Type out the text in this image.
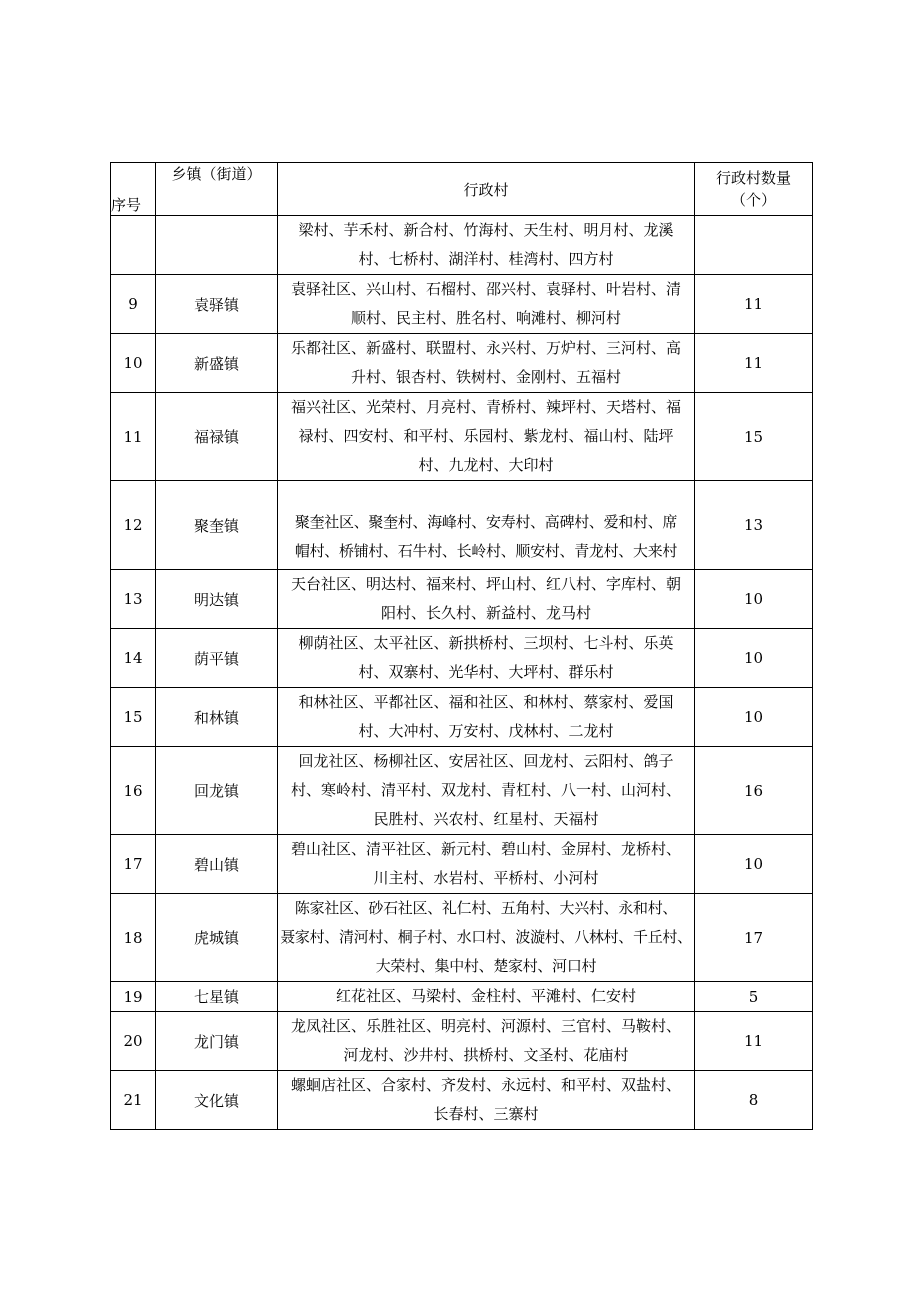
序号	乡镇（街道）	行政村	行政村数量
（个）

		梁村、芋禾村、新合村、竹海村、天生村、明月村、龙溪
村、七桥村、湖洋村、桂湾村、四方村	
9	袁驿镇	袁驿社区、兴山村、石榴村、邵兴村、袁驿村、叶岩村、清
顺村、民主村、胜名村、响滩村、柳河村	11
10	新盛镇	乐都社区、新盛村、联盟村、永兴村、万炉村、三河村、高
升村、银杏村、铁树村、金刚村、五福村	11
11	福禄镇	福兴社区、光荣村、月亮村、青桥村、辣坪村、天塔村、福
禄村、四安村、和平村、乐园村、紫龙村、福山村、陆坪
村、九龙村、大印村	15
12	聚奎镇	聚奎社区、聚奎村、海峰村、安寿村、高碑村、爱和村、席
帽村、桥铺村、石牛村、长岭村、顺安村、青龙村、大来村	13
13	明达镇	天台社区、明达村、福来村、坪山村、红八村、字库村、朝
阳村、长久村、新益村、龙马村	10
14	荫平镇	柳荫社区、太平社区、新拱桥村、三坝村、七斗村、乐英
村、双寨村、光华村、大坪村、群乐村	10
15	和林镇	和林社区、平都社区、福和社区、和林村、蔡家村、爱国
村、大冲村、万安村、戊林村、二龙村	10
16	回龙镇	回龙社区、杨柳社区、安居社区、回龙村、云阳村、鸽子
村、寒岭村、清平村、双龙村、青杠村、八一村、山河村、
民胜村、兴农村、红星村、天福村	16
17	碧山镇	碧山社区、清平社区、新元村、碧山村、金屏村、龙桥村、
川主村、水岩村、平桥村、小河村	10
18	虎城镇	陈家社区、砂石社区、礼仁村、五角村、大兴村、永和村、
聂家村、清河村、桐子村、水口村、波漩村、八林村、千丘村、
大荣村、集中村、楚家村、河口村	17
19	七星镇	红花社区、马梁村、金柱村、平滩村、仁安村	5
20	龙门镇	龙凤社区、乐胜社区、明亮村、河源村、三官村、马鞍村、
河龙村、沙井村、拱桥村、文圣村、花庙村	11
21	文化镇	螺蛔店社区、合家村、齐发村、永远村、和平村、双盐村、
长春村、三寨村	8
